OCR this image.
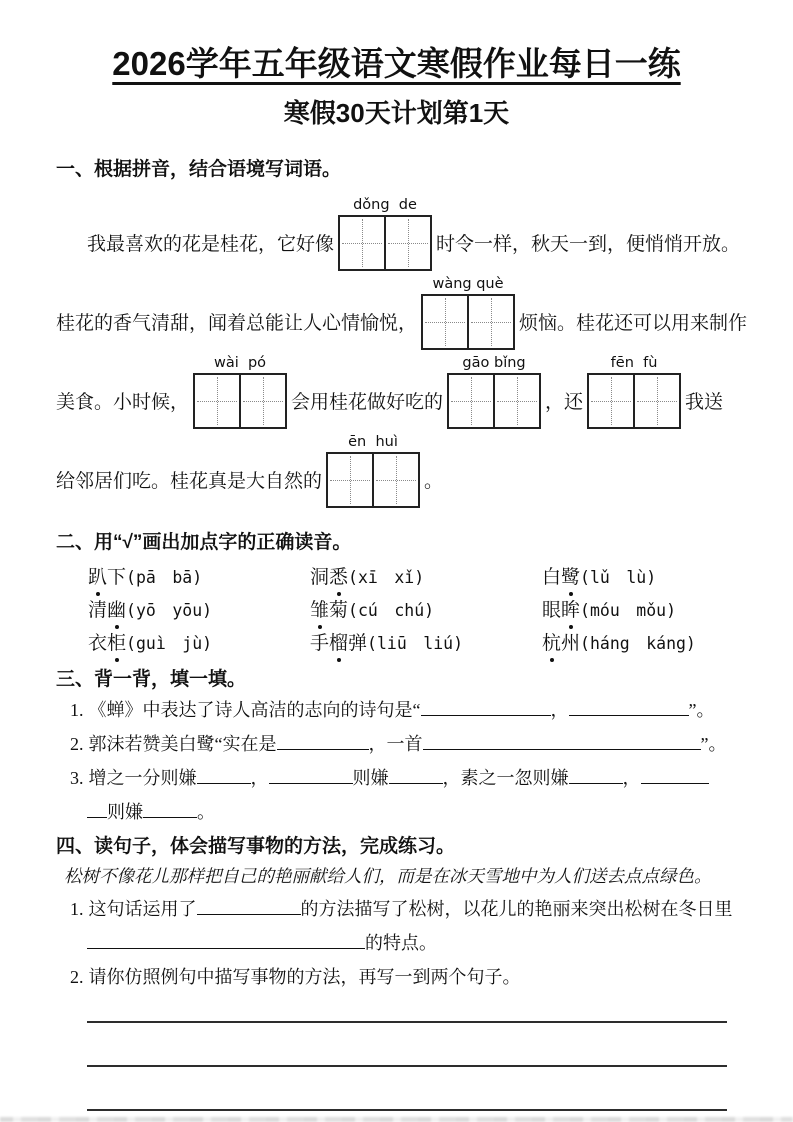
2026学年五年级语文寒假作业每日一练
寒假30天计划第1天
一、根据拼音，结合语境写词语。
我最喜欢的花是桂花，它好像
dǒng  de
时令一样，秋天一到，便悄悄开放。
桂花的香气清甜，闻着总能让人心情愉悦，
wàng què
烦恼。桂花还可以用来制作
美食。小时候，
wài  pó
会用桂花做好吃的
gāo bǐng
，还
fēn  fù
我送
给邻居们吃。桂花真是大自然的
ēn  huì
。
二、用“√”画出加点字的正确读音。
趴下(pā　bā)	洞悉(xī　xǐ)	白鹭(lǔ　lù)
清幽(yō　yōu)	雏菊(cú　chú)	眼眸(móu　mǒu)
衣柜(guì　jù)	手榴弹(liū　liú)	杭州(háng　káng)
三、背一背，填一填。
1. 《蝉》中表达了诗人高洁的志向的诗句是“	，	”。
2. 郭沫若赞美白鹭“实在是	，一首	”。
3. 增之一分则嫌	，	则嫌	，素之一忽则嫌	，
则嫌	。
四、读句子，体会描写事物的方法，完成练习。
松树不像花儿那样把自己的艳丽献给人们，而是在冰天雪地中为人们送去点点绿色。
1. 这句话运用了	的方法描写了松树，以花儿的艳丽来突出松树在冬日里
的特点。
2. 请你仿照例句中描写事物的方法，再写一到两个句子。
